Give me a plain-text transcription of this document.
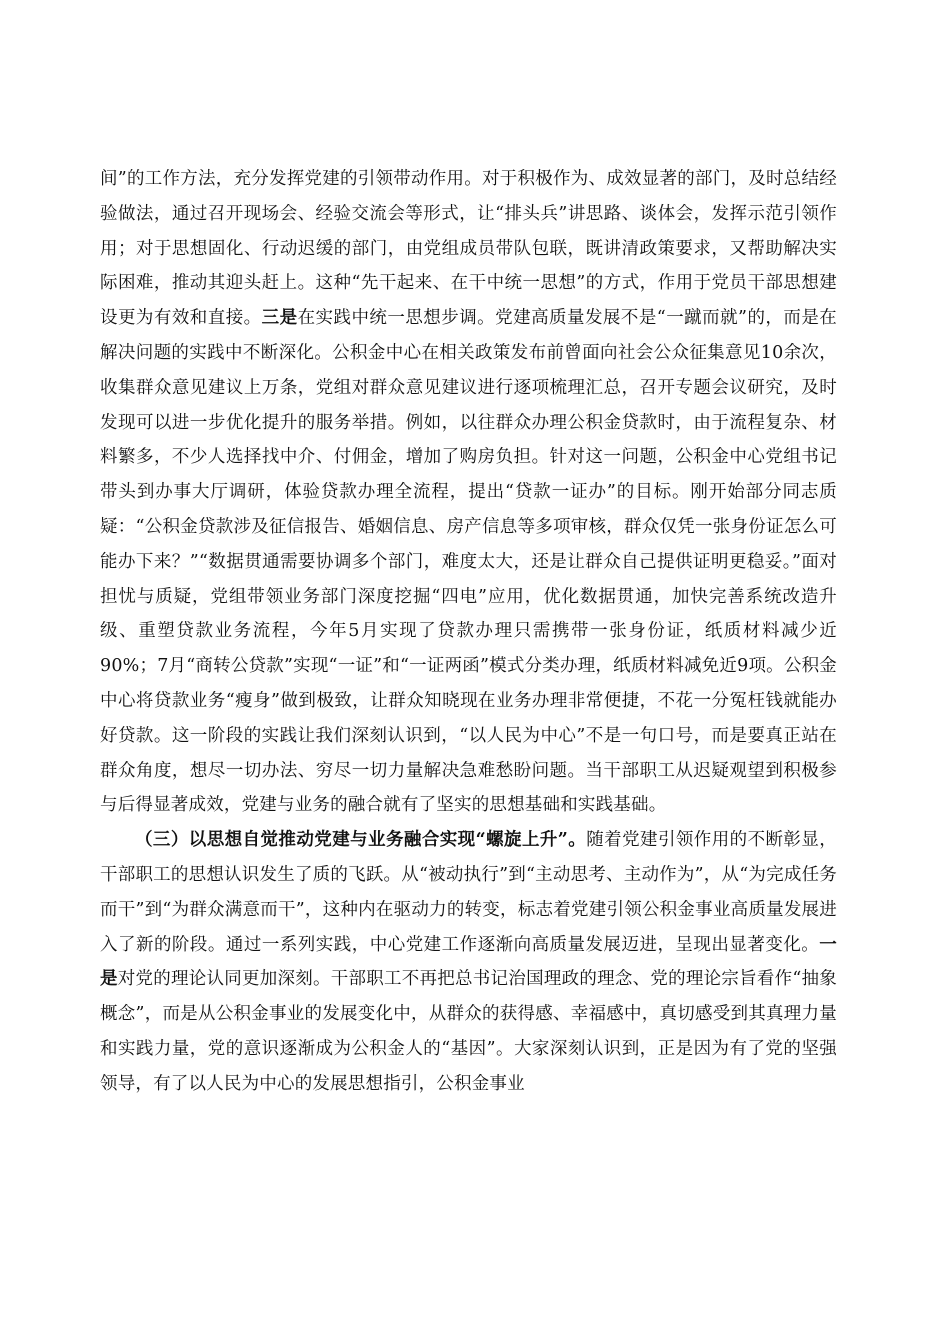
间”的工作方法，充分发挥党建的引领带动作用。对于积极作为、成效显著的部门，及时总结经验做法，通过召开现场会、经验交流会等形式，让“排头兵”讲思路、谈体会，发挥示范引领作用；对于思想固化、行动迟缓的部门，由党组成员带队包联，既讲清政策要求，又帮助解决实际困难，推动其迎头赶上。这种“先干起来、在干中统一思想”的方式，作用于党员干部思想建设更为有效和直接。三是在实践中统一思想步调。党建高质量发展不是“一蹴而就”的，而是在解决问题的实践中不断深化。公积金中心在相关政策发布前曾面向社会公众征集意见10余次，收集群众意见建议上万条，党组对群众意见建议进行逐项梳理汇总，召开专题会议研究，及时发现可以进一步优化提升的服务举措。例如，以往群众办理公积金贷款时，由于流程复杂、材料繁多，不少人选择找中介、付佣金，增加了购房负担。针对这一问题，公积金中心党组书记带头到办事大厅调研，体验贷款办理全流程，提出“贷款一证办”的目标。刚开始部分同志质疑：“公积金贷款涉及征信报告、婚姻信息、房产信息等多项审核，群众仅凭一张身份证怎么可能办下来？”“数据贯通需要协调多个部门，难度太大，还是让群众自己提供证明更稳妥。”面对担忧与质疑，党组带领业务部门深度挖掘“四电”应用，优化数据贯通，加快完善系统改造升级、重塑贷款业务流程，今年5月实现了贷款办理只需携带一张身份证，纸质材料减少近90%；7月“商转公贷款”实现“一证”和“一证两函”模式分类办理，纸质材料减免近9项。公积金中心将贷款业务“瘦身”做到极致，让群众知晓现在业务办理非常便捷，不花一分冤枉钱就能办好贷款。这一阶段的实践让我们深刻认识到，“以人民为中心”不是一句口号，而是要真正站在群众角度，想尽一切办法、穷尽一切力量解决急难愁盼问题。当干部职工从迟疑观望到积极参与后得显著成效，党建与业务的融合就有了坚实的思想基础和实践基础。

（三）以思想自觉推动党建与业务融合实现“螺旋上升”。随着党建引领作用的不断彰显，干部职工的思想认识发生了质的飞跃。从“被动执行”到“主动思考、主动作为”，从“为完成任务而干”到“为群众满意而干”，这种内在驱动力的转变，标志着党建引领公积金事业高质量发展进入了新的阶段。通过一系列实践，中心党建工作逐渐向高质量发展迈进，呈现出显著变化。一是对党的理论认同更加深刻。干部职工不再把总书记治国理政的理念、党的理论宗旨看作“抽象概念”，而是从公积金事业的发展变化中，从群众的获得感、幸福感中，真切感受到其真理力量和实践力量，党的意识逐渐成为公积金人的“基因”。大家深刻认识到，正是因为有了党的坚强领导，有了以人民为中心的发展思想指引，公积金事业
